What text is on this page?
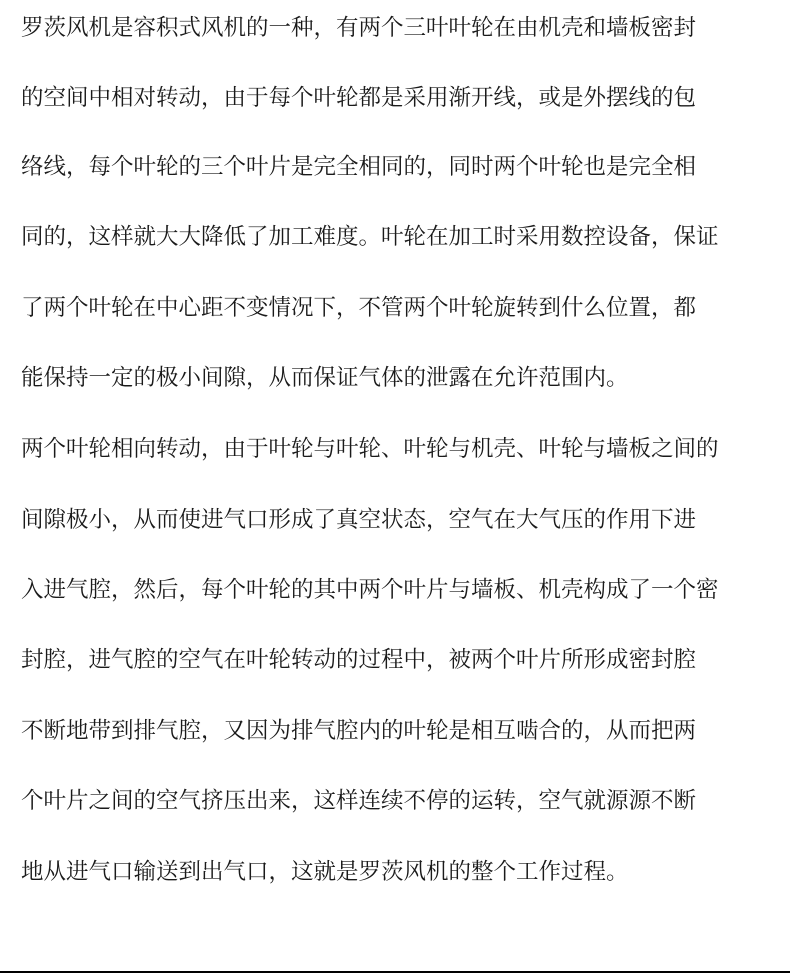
罗茨风机是容积式风机的一种，有两个三叶叶轮在由机壳和墙板密封

的空间中相对转动，由于每个叶轮都是采用渐开线，或是外摆线的包

络线，每个叶轮的三个叶片是完全相同的，同时两个叶轮也是完全相

同的，这样就大大降低了加工难度。叶轮在加工时采用数控设备，保证

了两个叶轮在中心距不变情况下，不管两个叶轮旋转到什么位置，都

能保持一定的极小间隙，从而保证气体的泄露在允许范围内。

两个叶轮相向转动，由于叶轮与叶轮、叶轮与机壳、叶轮与墙板之间的

间隙极小，从而使进气口形成了真空状态，空气在大气压的作用下进

入进气腔，然后，每个叶轮的其中两个叶片与墙板、机壳构成了一个密

封腔，进气腔的空气在叶轮转动的过程中，被两个叶片所形成密封腔

不断地带到排气腔，又因为排气腔内的叶轮是相互啮合的，从而把两

个叶片之间的空气挤压出来，这样连续不停的运转，空气就源源不断

地从进气口输送到出气口，这就是罗茨风机的整个工作过程。
